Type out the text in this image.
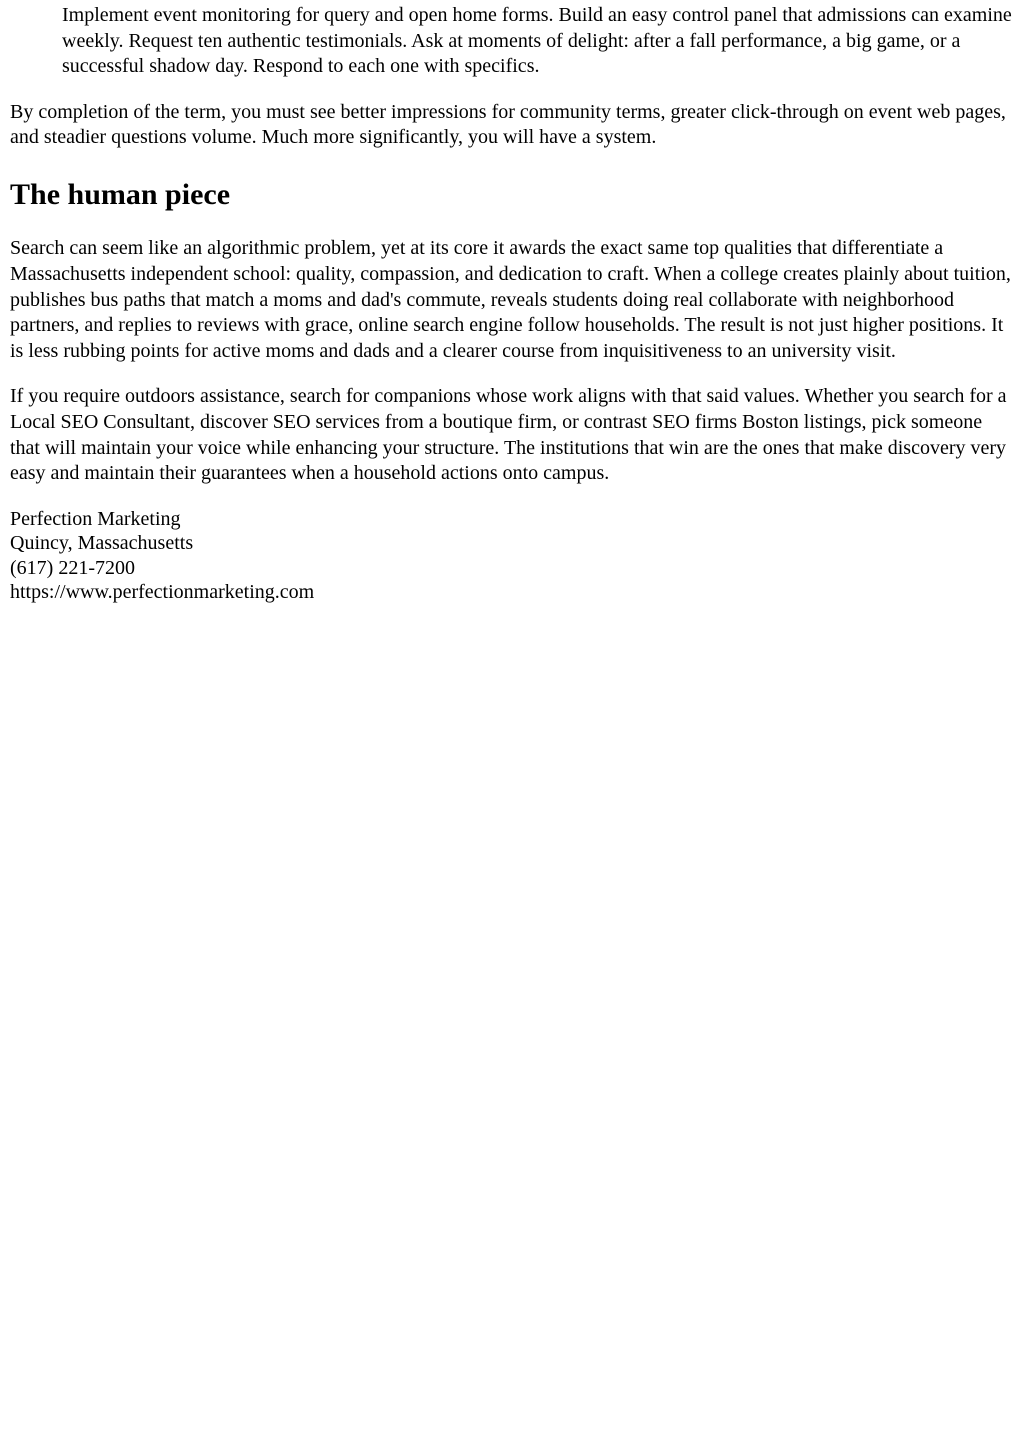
Implement event monitoring for query and open home forms. Build an easy control panel that admissions can examine weekly. Request ten authentic testimonials. Ask at moments of delight: after a fall performance, a big game, or a successful shadow day. Respond to each one with specifics.

By completion of the term, you must see better impressions for community terms, greater click-through on event web pages, and steadier questions volume. Much more significantly, you will have a system.

The human piece

Search can seem like an algorithmic problem, yet at its core it awards the exact same top qualities that differentiate a Massachusetts independent school: quality, compassion, and dedication to craft. When a college creates plainly about tuition, publishes bus paths that match a moms and dad's commute, reveals students doing real collaborate with neighborhood partners, and replies to reviews with grace, online search engine follow households. The result is not just higher positions. It is less rubbing points for active moms and dads and a clearer course from inquisitiveness to an university visit.

If you require outdoors assistance, search for companions whose work aligns with that said values. Whether you search for a Local SEO Consultant, discover SEO services from a boutique firm, or contrast SEO firms Boston listings, pick someone that will maintain your voice while enhancing your structure. The institutions that win are the ones that make discovery very easy and maintain their guarantees when a household actions onto campus.

Perfection Marketing
Quincy, Massachusetts
(617) 221-7200
https://www.perfectionmarketing.com
